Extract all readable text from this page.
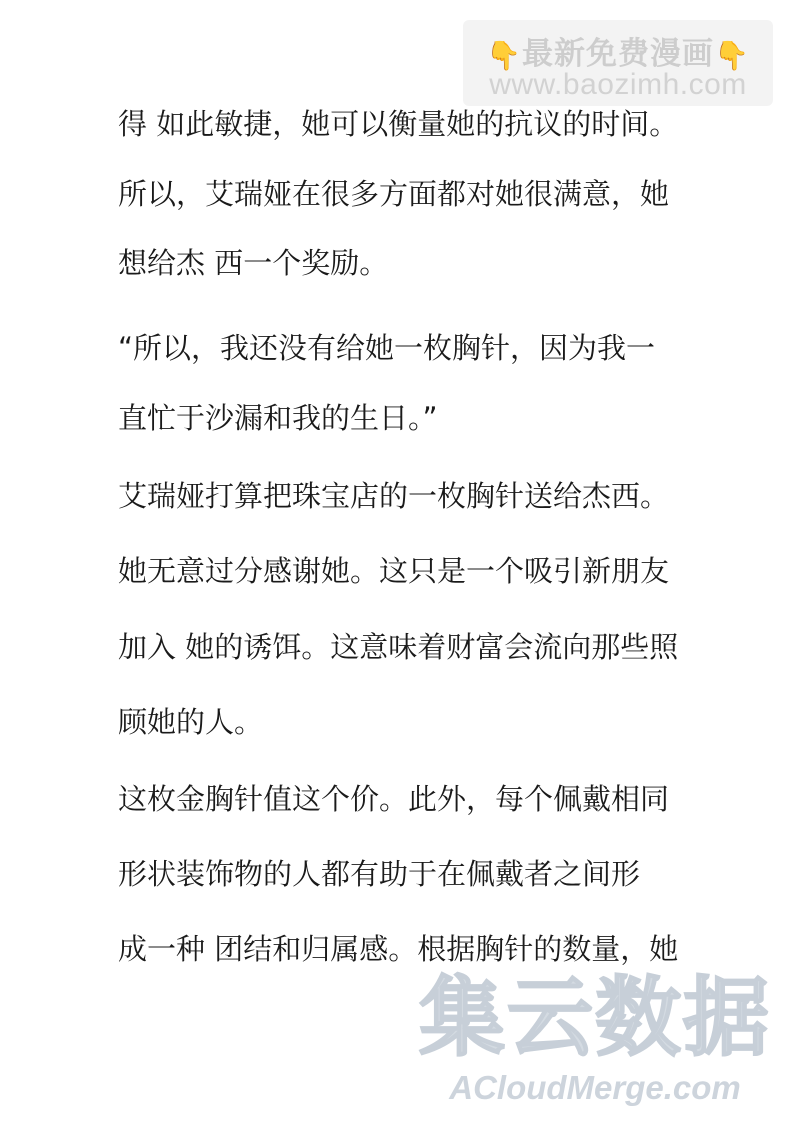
👇最新免费漫画👇
www.baozimh.com
得 如此敏捷，她可以衡量她的抗议的时间。
所以，艾瑞娅在很多方面都对她很满意，她
想给杰 西一个奖励。
“所以，我还没有给她一枚胸针，因为我一
直忙于沙漏和我的生日。”
艾瑞娅打算把珠宝店的一枚胸针送给杰西。
她无意过分感谢她。这只是一个吸引新朋友
加入 她的诱饵。这意味着财富会流向那些照
顾她的人。
这枚金胸针值这个价。此外，每个佩戴相同
形状装饰物的人都有助于在佩戴者之间形
成一种 团结和归属感。根据胸针的数量，她
集云数据
ACloudMerge.com
